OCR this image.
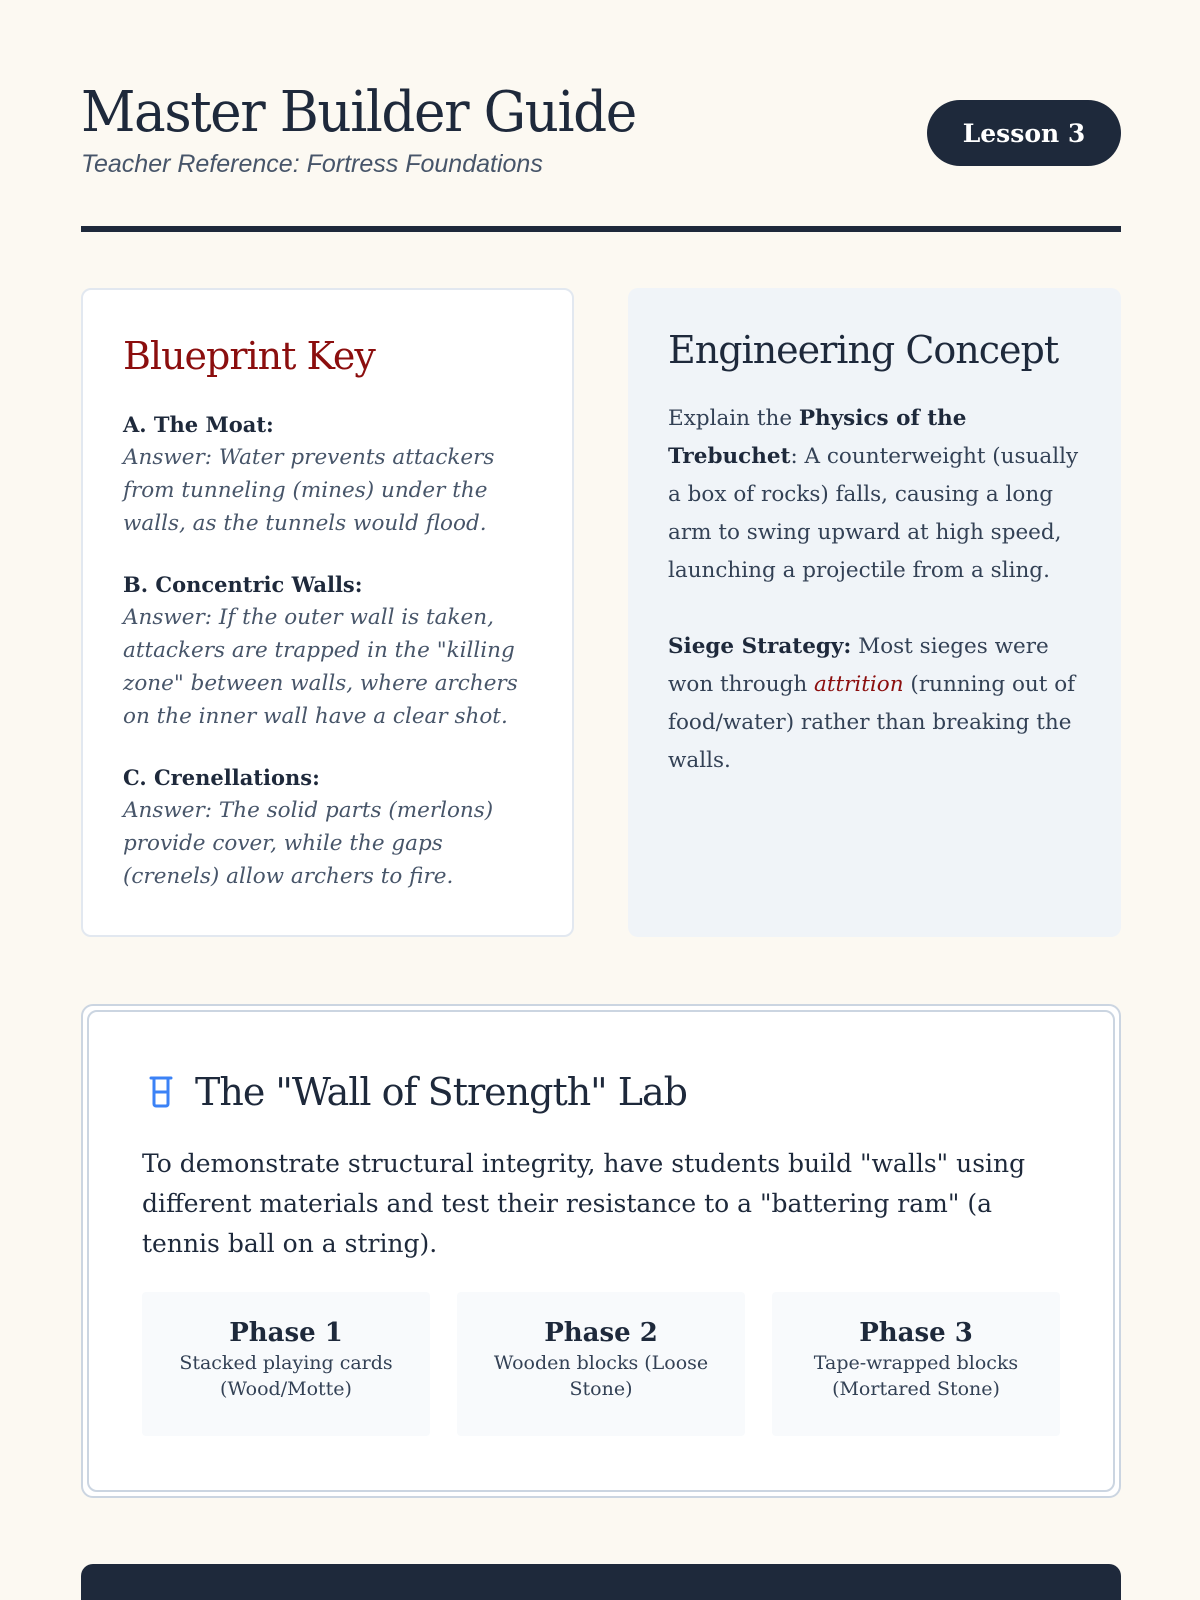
Master Builder Guide
Teacher Reference: Fortress Foundations
Lesson 3
Blueprint Key
A. The Moat:
Answer: Water prevents attackers from tunneling (mines) under the walls, as the tunnels would flood.
B. Concentric Walls:
Answer: If the outer wall is taken, attackers are trapped in the "killing zone" between walls, where archers on the inner wall have a clear shot.
C. Crenellations:
Answer: The solid parts (merlons) provide cover, while the gaps (crenels) allow archers to fire.
Engineering Concept

Explain the Physics of the Trebuchet: A counterweight (usually a box of rocks) falls, causing a long arm to swing upward at high speed, launching a projectile from a sling.

Siege Strategy: Most sieges were won through attrition (running out of food/water) rather than breaking the walls.

The "Wall of Strength" Lab

To demonstrate structural integrity, have students build "walls" using different materials and test their resistance to a "battering ram" (a tennis ball on a string).

Phase 1
Stacked playing cards (Wood/Motte)
Phase 2
Wooden blocks (Loose Stone)
Phase 3
Tape-wrapped blocks (Mortared Stone)
